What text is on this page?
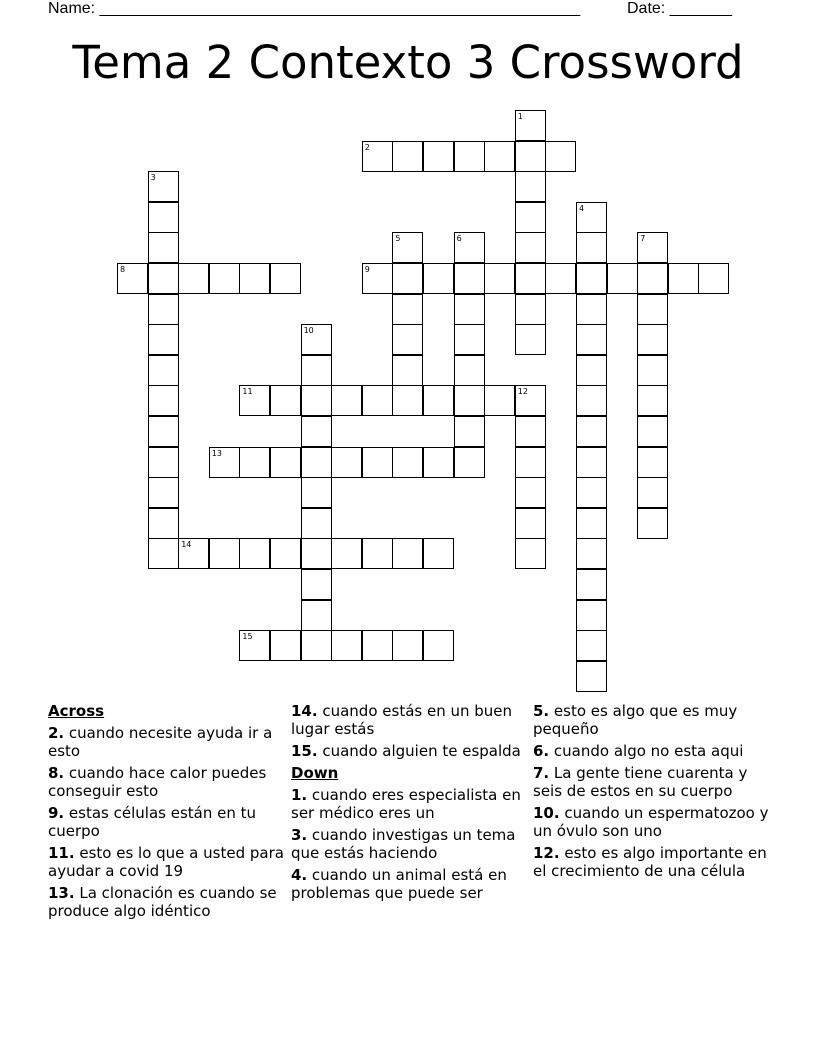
Name: ______________________________________________________	Date: _______
Tema 2 Contexto 3 Crossword
1
2
3
4
5	6	7
8	9
10
11	12
13
14
15
Across
2. cuando necesite ayuda ir a esto
8. cuando hace calor puedes conseguir esto
9. estas células están en tu cuerpo
11. esto es lo que a usted para ayudar a covid 19
13. La clonación es cuando se produce algo idéntico
14. cuando estás en un buen lugar estás
15. cuando alguien te espalda
Down
1. cuando eres especialista en ser médico eres un
3. cuando investigas un tema que estás haciendo
4. cuando un animal está en problemas que puede ser
5. esto es algo que es muy pequeño
6. cuando algo no esta aqui
7. La gente tiene cuarenta y seis de estos en su cuerpo
10. cuando un espermatozoo y un óvulo son uno
12. esto es algo importante en el crecimiento de una célula
